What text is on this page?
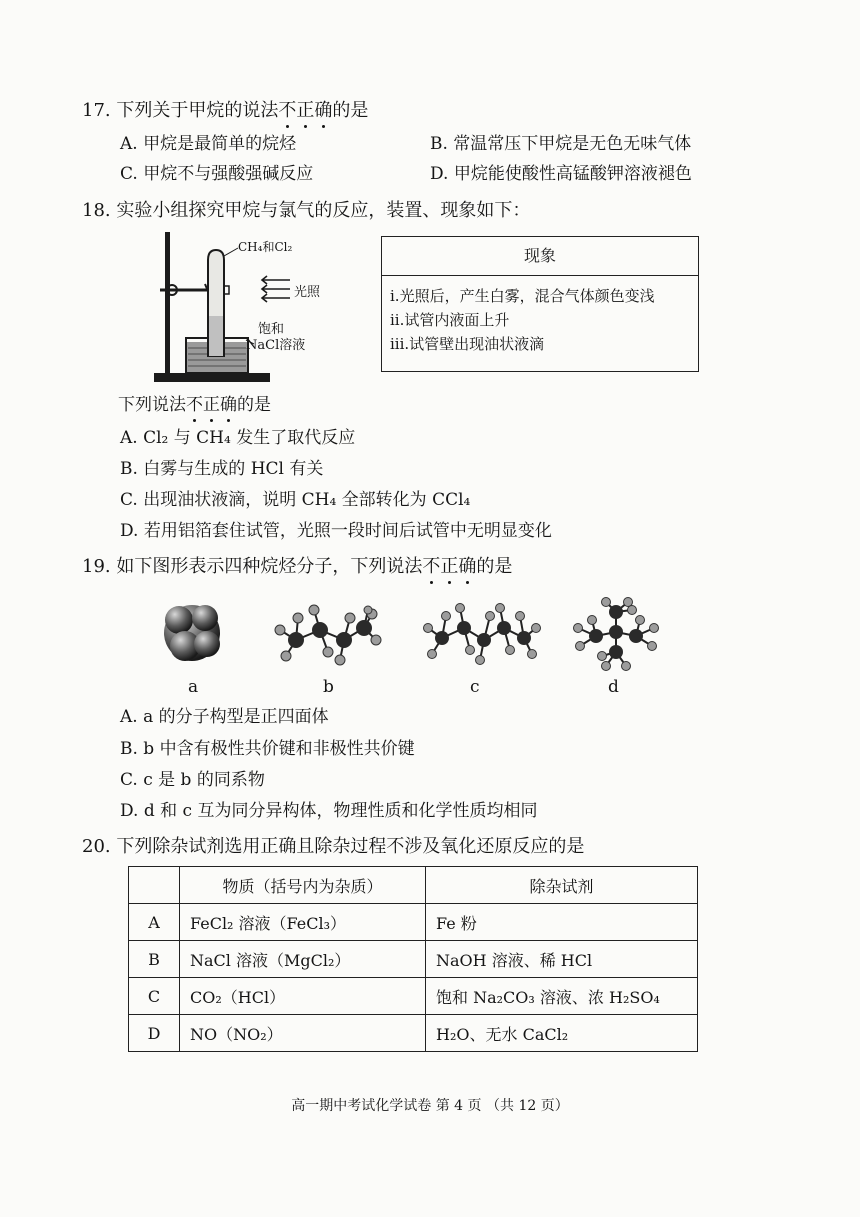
17. 下列关于甲烷的说法不正确的是
A. 甲烷是最简单的烷烃	B. 常温常压下甲烷是无色无味气体
C. 甲烷不与强酸强碱反应	D. 甲烷能使酸性高锰酸钾溶液褪色
18. 实验小组探究甲烷与氯气的反应，装置、现象如下：
CH₄和Cl₂
光照
饱和
NaCl溶液
现象
i.光照后，产生白雾，混合气体颜色变浅
ii.试管内液面上升
iii.试管壁出现油状液滴
下列说法不正确的是
A. Cl₂ 与 CH₄ 发生了取代反应
B. 白雾与生成的 HCl 有关
C. 出现油状液滴，说明 CH₄ 全部转化为 CCl₄
D. 若用铝箔套住试管，光照一段时间后试管中无明显变化
19. 如下图形表示四种烷烃分子，下列说法不正确的是
a	b	c	d
A. a 的分子构型是正四面体
B. b 中含有极性共价键和非极性共价键
C. c 是 b 的同系物
D. d 和 c 互为同分异构体，物理性质和化学性质均相同
20. 下列除杂试剂选用正确且除杂过程不涉及氧化还原反应的是
	物质（括号内为杂质）	除杂试剂
A	FeCl₂ 溶液（FeCl₃）	Fe 粉
B	NaCl 溶液（MgCl₂）	NaOH 溶液、稀 HCl
C	CO₂（HCl）	饱和 Na₂CO₃ 溶液、浓 H₂SO₄
D	NO（NO₂）	H₂O、无水 CaCl₂
高一期中考试化学试卷 第 4 页 （共 12 页）
